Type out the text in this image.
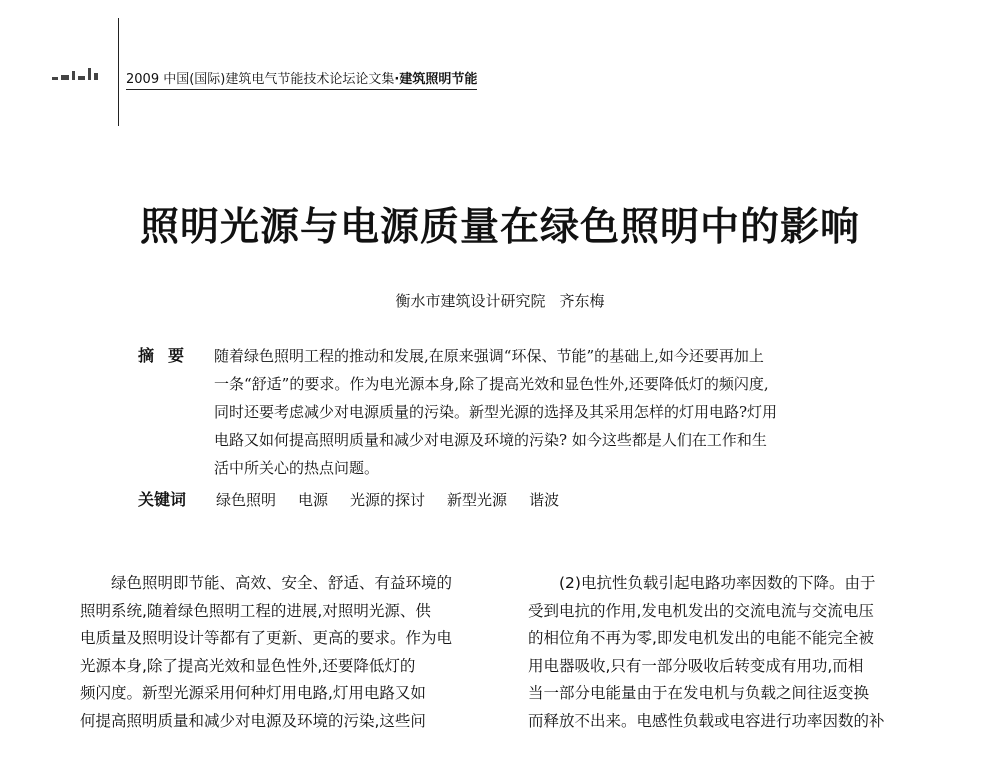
2009 中国(国际)建筑电气节能技术论坛论文集·建筑照明节能
照明光源与电源质量在绿色照明中的影响
衡水市建筑设计研究院 齐东梅
摘要	随着绿色照明工程的推动和发展,在原来强调“环保、节能”的基础上,如今还要再加上
一条“舒适”的要求。作为电光源本身,除了提高光效和显色性外,还要降低灯的频闪度,
同时还要考虑减少对电源质量的污染。新型光源的选择及其采用怎样的灯用电路?灯用
电路又如何提高照明质量和减少对电源及环境的污染? 如今这些都是人们在工作和生
活中所关心的热点问题。
关键词	绿色照明 电源 光源的探讨 新型光源 谐波
绿色照明即节能、高效、安全、舒适、有益环境的
照明系统,随着绿色照明工程的进展,对照明光源、供
电质量及照明设计等都有了更新、更高的要求。作为电
光源本身,除了提高光效和显色性外,还要降低灯的
频闪度。新型光源采用何种灯用电路,灯用电路又如
何提高照明质量和减少对电源及环境的污染,这些问
(2)电抗性负载引起电路功率因数的下降。由于
受到电抗的作用,发电机发出的交流电流与交流电压
的相位角不再为零,即发电机发出的电能不能完全被
用电器吸收,只有一部分吸收后转变成有用功,而相
当一部分电能量由于在发电机与负载之间往返变换
而释放不出来。电感性负载或电容进行功率因数的补
